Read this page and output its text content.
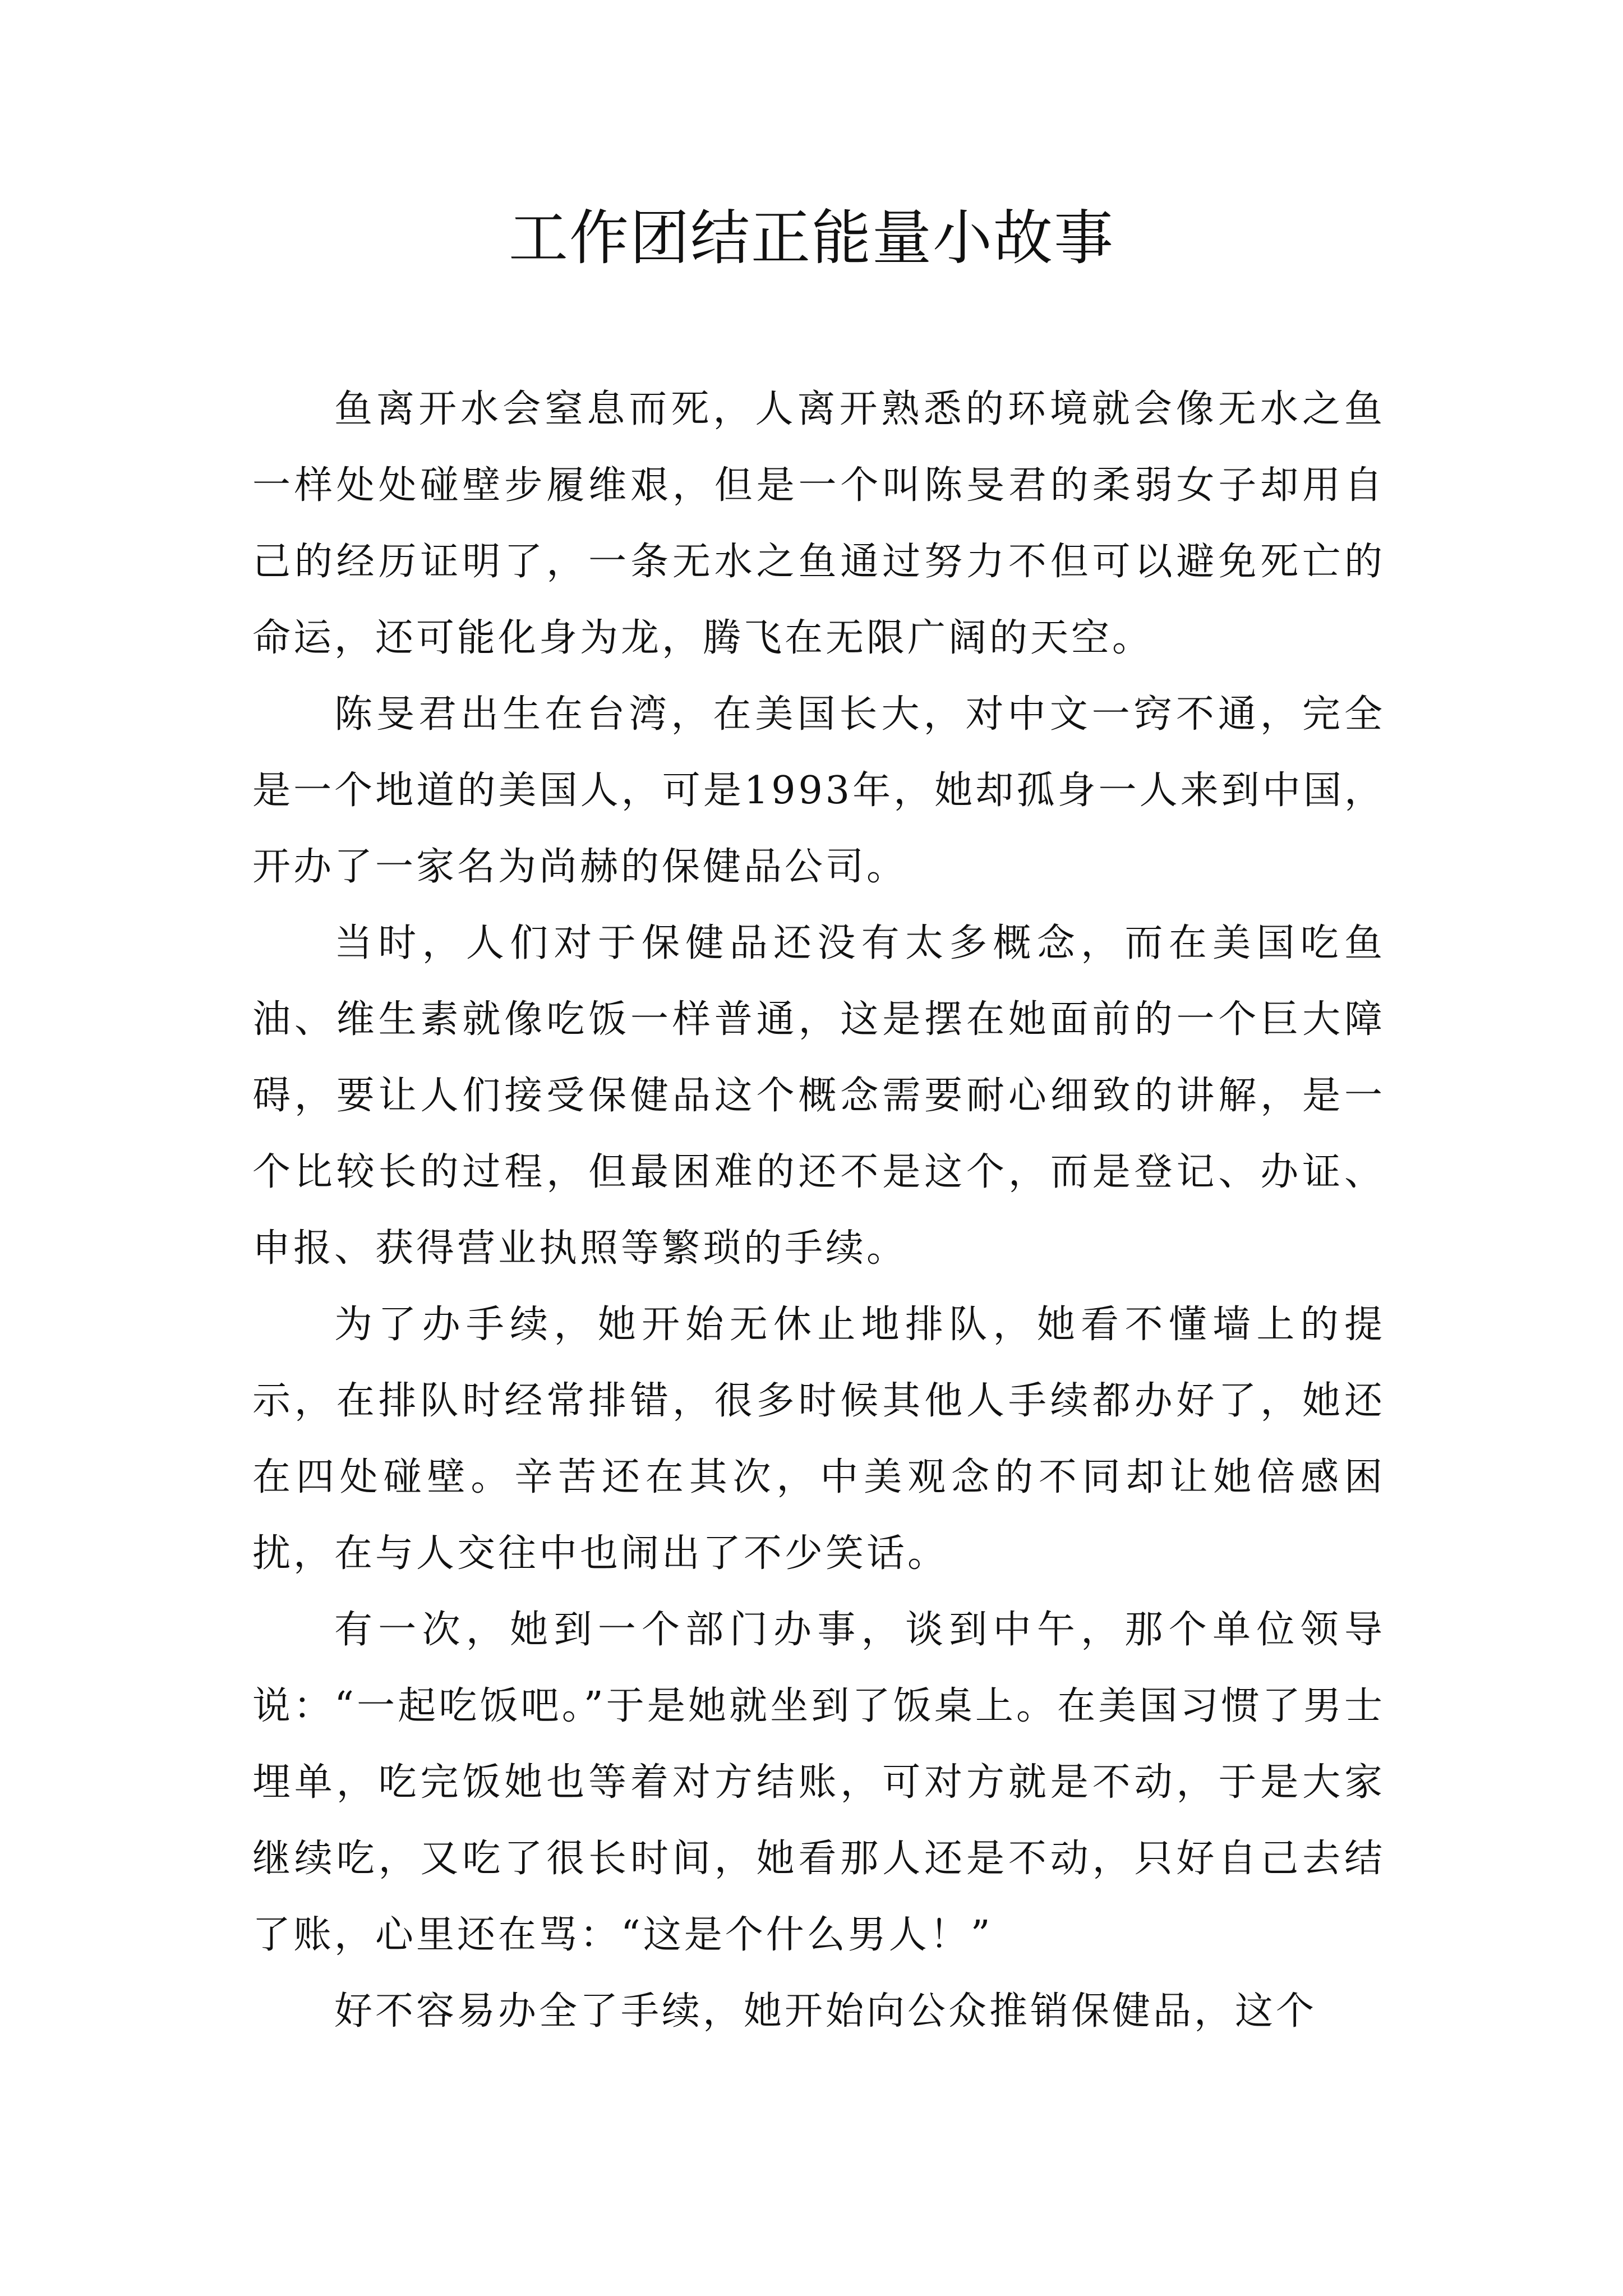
工作团结正能量小故事

鱼离开水会窒息而死，人离开熟悉的环境就会像无水之鱼一样处处碰壁步履维艰，但是一个叫陈旻君的柔弱女子却用自己的经历证明了，一条无水之鱼通过努力不但可以避免死亡的命运，还可能化身为龙，腾飞在无限广阔的天空。

陈旻君出生在台湾，在美国长大，对中文一窍不通，完全是一个地道的美国人，可是1993年，她却孤身一人来到中国，开办了一家名为尚赫的保健品公司。

当时，人们对于保健品还没有太多概念，而在美国吃鱼油、维生素就像吃饭一样普通，这是摆在她面前的一个巨大障碍，要让人们接受保健品这个概念需要耐心细致的讲解，是一个比较长的过程，但最困难的还不是这个，而是登记、办证、申报、获得营业执照等繁琐的手续。

为了办手续，她开始无休止地排队，她看不懂墙上的提示，在排队时经常排错，很多时候其他人手续都办好了，她还在四处碰壁。辛苦还在其次，中美观念的不同却让她倍感困扰，在与人交往中也闹出了不少笑话。

有一次，她到一个部门办事，谈到中午，那个单位领导说：“一起吃饭吧。”于是她就坐到了饭桌上。在美国习惯了男士埋单，吃完饭她也等着对方结账，可对方就是不动，于是大家继续吃，又吃了很长时间，她看那人还是不动，只好自己去结了账，心里还在骂：“这是个什么男人！”

好不容易办全了手续，她开始向公众推销保健品，这个
